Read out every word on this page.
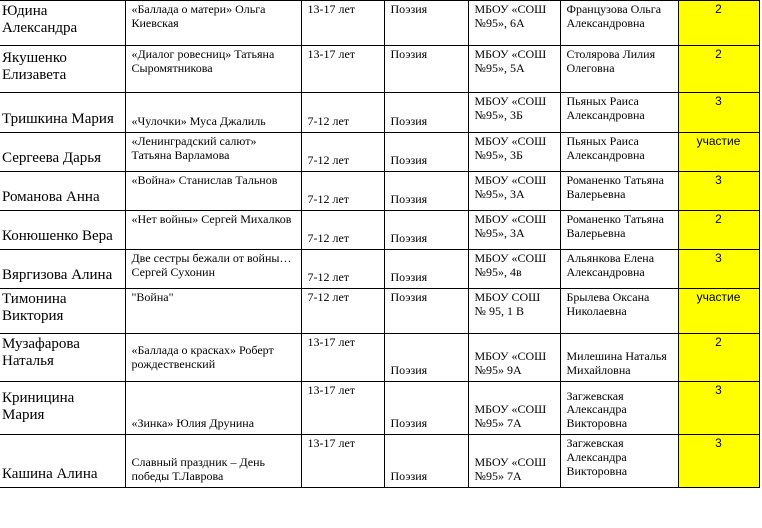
Юдина Александра	«Баллада о матери» Ольга Киевская	13-17 лет	Поэзия	МБОУ «СОШ №95», 6А	Французова Ольга Александровна	2
Якушенко Елизавета	«Диалог ровесниц» Татьяна Сыромятникова	13-17 лет	Поэзия	МБОУ «СОШ №95», 5А	Столярова Лилия Олеговна	2
Тришкина Мария	«Чулочки» Муса Джалиль	7-12 лет	Поэзия	МБОУ «СОШ №95», 3Б	Пьяных Раиса Александровна	3
Сергеева Дарья	«Ленинградский салют» Татьяна Варламова	7-12 лет	Поэзия	МБОУ «СОШ №95», 3Б	Пьяных Раиса Александровна	участие
Романова Анна	«Война» Станислав Тальнов	7-12 лет	Поэзия	МБОУ «СОШ №95», 3А	Романенко Татьяна Валерьевна	3
Конюшенко Вера	«Нет войны» Сергей Михалков	7-12 лет	Поэзия	МБОУ «СОШ №95», 3А	Романенко Татьяна Валерьевна	2
Вяргизова Алина	Две сестры бежали от войны… Сергей Сухонин	7-12 лет	Поэзия	МБОУ «СОШ №95», 4в	Альянкова Елена Александровна	3
Тимонина Виктория	"Война"	7-12 лет	Поэзия	МБОУ СОШ № 95, 1 В	Брылева Оксана Николаевна	участие
Музафарова Наталья	«Баллада о красках» Роберт рождественский	13-17 лет	Поэзия	МБОУ «СОШ №95» 9А	Милешина Наталья Михайловна	2
Криницина Мария	«Зинка» Юлия Друнина	13-17 лет	Поэзия	МБОУ «СОШ №95» 7А	Загжевская Александра Викторовна	3
Кашина Алина	Славный праздник – День победы Т.Лаврова	13-17 лет	Поэзия	МБОУ «СОШ №95» 7А	Загжевская Александра Викторовна	3
